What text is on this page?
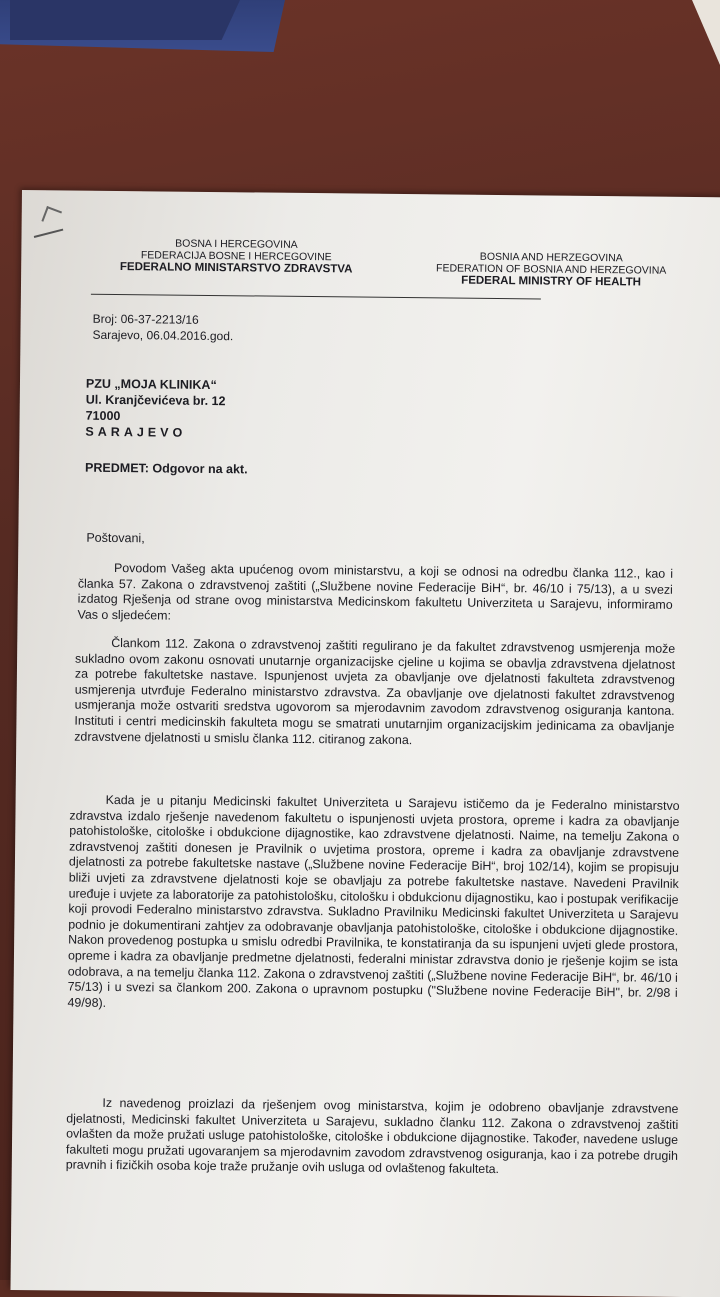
BOSNA I HERCEGOVINA
FEDERACIJA BOSNE I HERCEGOVINE
FEDERALNO MINISTARSTVO ZDRAVSTVA
BOSNIA AND HERZEGOVINA
FEDERATION OF BOSNIA AND HERZEGOVINA
FEDERAL MINISTRY OF HEALTH
Broj: 06-37-2213/16
Sarajevo, 06.04.2016.god.
PZU „MOJA KLINIKA“
Ul. Kranjčevićeva br. 12
71000
SARAJEVO
PREDMET: Odgovor na akt.
Poštovani,
Povodom Vašeg akta upućenog ovom ministarstvu, a koji se odnosi na odredbu članka 112., kao i članka 57. Zakona o zdravstvenoj zaštiti („Službene novine Federacije BiH“, br. 46/10 i 75/13), a u svezi izdatog Rješenja od strane ovog ministarstva Medicinskom fakultetu Univerziteta u Sarajevu, informiramo Vas o sljedećem:
Člankom 112. Zakona o zdravstvenoj zaštiti regulirano je da fakultet zdravstvenog usmjerenja može sukladno ovom zakonu osnovati unutarnje organizacijske cjeline u kojima se obavlja zdravstvena djelatnost za potrebe fakultetske nastave. Ispunjenost uvjeta za obavljanje ove djelatnosti fakulteta zdravstvenog usmjerenja utvrđuje Federalno ministarstvo zdravstva. Za obavljanje ove djelatnosti fakultet zdravstvenog usmjeranja može ostvariti sredstva ugovorom sa mjerodavnim zavodom zdravstvenog osiguranja kantona. Instituti i centri medicinskih fakulteta mogu se smatrati unutarnjim organizacijskim jedinicama za obavljanje zdravstvene djelatnosti u smislu članka 112. citiranog zakona.
Kada je u pitanju Medicinski fakultet Univerziteta u Sarajevu ističemo da je Federalno ministarstvo zdravstva izdalo rješenje navedenom fakultetu o ispunjenosti uvjeta prostora, opreme i kadra za obavljanje patohistološke, citološke i obdukcione dijagnostike, kao zdravstvene djelatnosti. Naime, na temelju Zakona o zdravstvenoj zaštiti donesen je Pravilnik o uvjetima prostora, opreme i kadra za obavljanje zdravstvene djelatnosti za potrebe fakultetske nastave („Službene novine Federacije BiH“, broj 102/14), kojim se propisuju bliži uvjeti za zdravstvene djelatnosti koje se obavljaju za potrebe fakultetske nastave. Navedeni Pravilnik uređuje i uvjete za laboratorije za patohistološku, citološku i obdukcionu dijagnostiku, kao i postupak verifikacije koji provodi Federalno ministarstvo zdravstva. Sukladno Pravilniku Medicinski fakultet Univerziteta u Sarajevu podnio je dokumentirani zahtjev za odobravanje obavljanja patohistološke, citološke i obdukcione dijagnostike. Nakon provedenog postupka u smislu odredbi Pravilnika, te konstatiranja da su ispunjeni uvjeti glede prostora, opreme i kadra za obavljanje predmetne djelatnosti, federalni ministar zdravstva donio je rješenje kojim se ista odobrava, a na temelju članka 112. Zakona o zdravstvenoj zaštiti („Službene novine Federacije BiH“, br. 46/10 i 75/13) i u svezi sa člankom 200. Zakona o upravnom postupku ("Službene novine Federacije BiH", br. 2/98 i 49/98).
Iz navedenog proizlazi da rješenjem ovog ministarstva, kojim je odobreno obavljanje zdravstvene djelatnosti, Medicinski fakultet Univerziteta u Sarajevu, sukladno članku 112. Zakona o zdravstvenoj zaštiti ovlašten da može pružati usluge patohistološke, citološke i obdukcione dijagnostike. Također, navedene usluge fakulteti mogu pružati ugovaranjem sa mjerodavnim zavodom zdravstvenog osiguranja, kao i za potrebe drugih pravnih i fizičkih osoba koje traže pružanje ovih usluga od ovlaštenog fakulteta.
